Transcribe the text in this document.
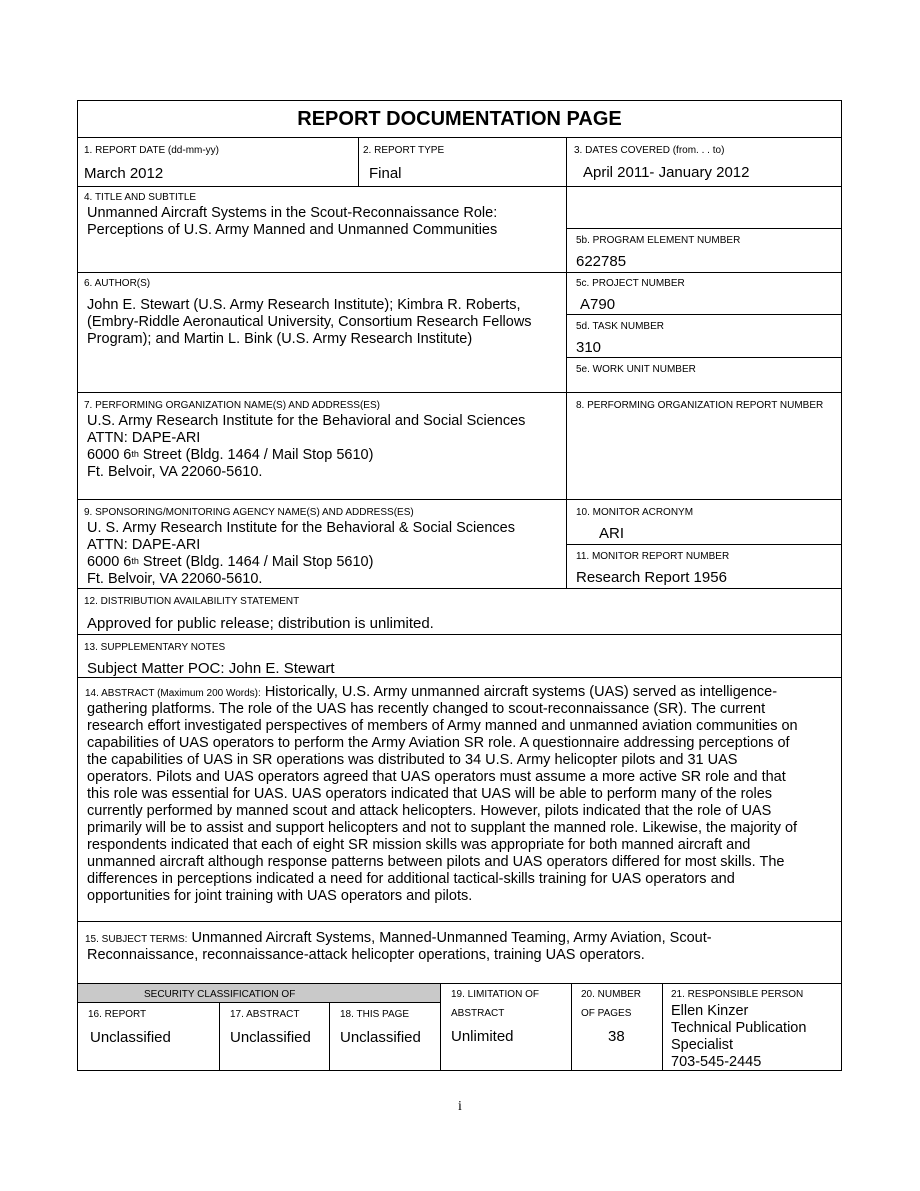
REPORT DOCUMENTATION PAGE
1. REPORT DATE (dd-mm-yy)
March 2012
2. REPORT TYPE
Final
3. DATES COVERED (from. . . to)
April 2011- January 2012
4. TITLE AND SUBTITLE
Unmanned Aircraft Systems in the Scout-Reconnaissance Role:
Perceptions of U.S. Army Manned and Unmanned Communities
5b. PROGRAM ELEMENT NUMBER
622785
6. AUTHOR(S)
John E. Stewart (U.S. Army Research Institute); Kimbra R. Roberts,
(Embry-Riddle Aeronautical University, Consortium Research Fellows
Program); and Martin L. Bink (U.S. Army Research Institute)
5c. PROJECT NUMBER
A790
5d. TASK NUMBER
310
5e. WORK UNIT NUMBER
7. PERFORMING ORGANIZATION NAME(S) AND ADDRESS(ES)
U.S. Army Research Institute for the Behavioral and Social Sciences
ATTN: DAPE-ARI
6000 6th Street (Bldg. 1464 / Mail Stop 5610)
Ft. Belvoir, VA 22060-5610.
8. PERFORMING ORGANIZATION REPORT NUMBER
9. SPONSORING/MONITORING AGENCY NAME(S) AND ADDRESS(ES)
U. S. Army Research Institute for the Behavioral & Social Sciences
ATTN: DAPE-ARI
6000 6th Street (Bldg. 1464 / Mail Stop 5610)
Ft. Belvoir, VA 22060-5610.
10. MONITOR ACRONYM
ARI
11. MONITOR REPORT NUMBER
Research Report 1956
12. DISTRIBUTION AVAILABILITY STATEMENT
Approved for public release; distribution is unlimited.
13. SUPPLEMENTARY NOTES
Subject Matter POC: John E. Stewart
14. ABSTRACT (Maximum 200 Words): Historically, U.S. Army unmanned aircraft systems (UAS) served as intelligence-
gathering platforms. The role of the UAS has recently changed to scout-reconnaissance (SR). The current
research effort investigated perspectives of members of Army manned and unmanned aviation communities on
capabilities of UAS operators to perform the Army Aviation SR role. A questionnaire addressing perceptions of
the capabilities of UAS in SR operations was distributed to 34 U.S. Army helicopter pilots and 31 UAS
operators. Pilots and UAS operators agreed that UAS operators must assume a more active SR role and that
this role was essential for UAS. UAS operators indicated that UAS will be able to perform many of the roles
currently performed by manned scout and attack helicopters. However, pilots indicated that the role of UAS
primarily will be to assist and support helicopters and not to supplant the manned role. Likewise, the majority of
respondents indicated that each of eight SR mission skills was appropriate for both manned aircraft and
unmanned aircraft although response patterns between pilots and UAS operators differed for most skills. The
differences in perceptions indicated a need for additional tactical-skills training for UAS operators and
opportunities for joint training with UAS operators and pilots.
15. SUBJECT TERMS: Unmanned Aircraft Systems, Manned-Unmanned Teaming, Army Aviation, Scout-
Reconnaissance, reconnaissance-attack helicopter operations, training UAS operators.
SECURITY CLASSIFICATION OF
16. REPORT
Unclassified
17. ABSTRACT
Unclassified
18. THIS PAGE
Unclassified
19. LIMITATION OF
ABSTRACT
Unlimited
20. NUMBER
OF PAGES
38
21. RESPONSIBLE PERSON
Ellen Kinzer
Technical Publication
Specialist
703-545-2445
i
